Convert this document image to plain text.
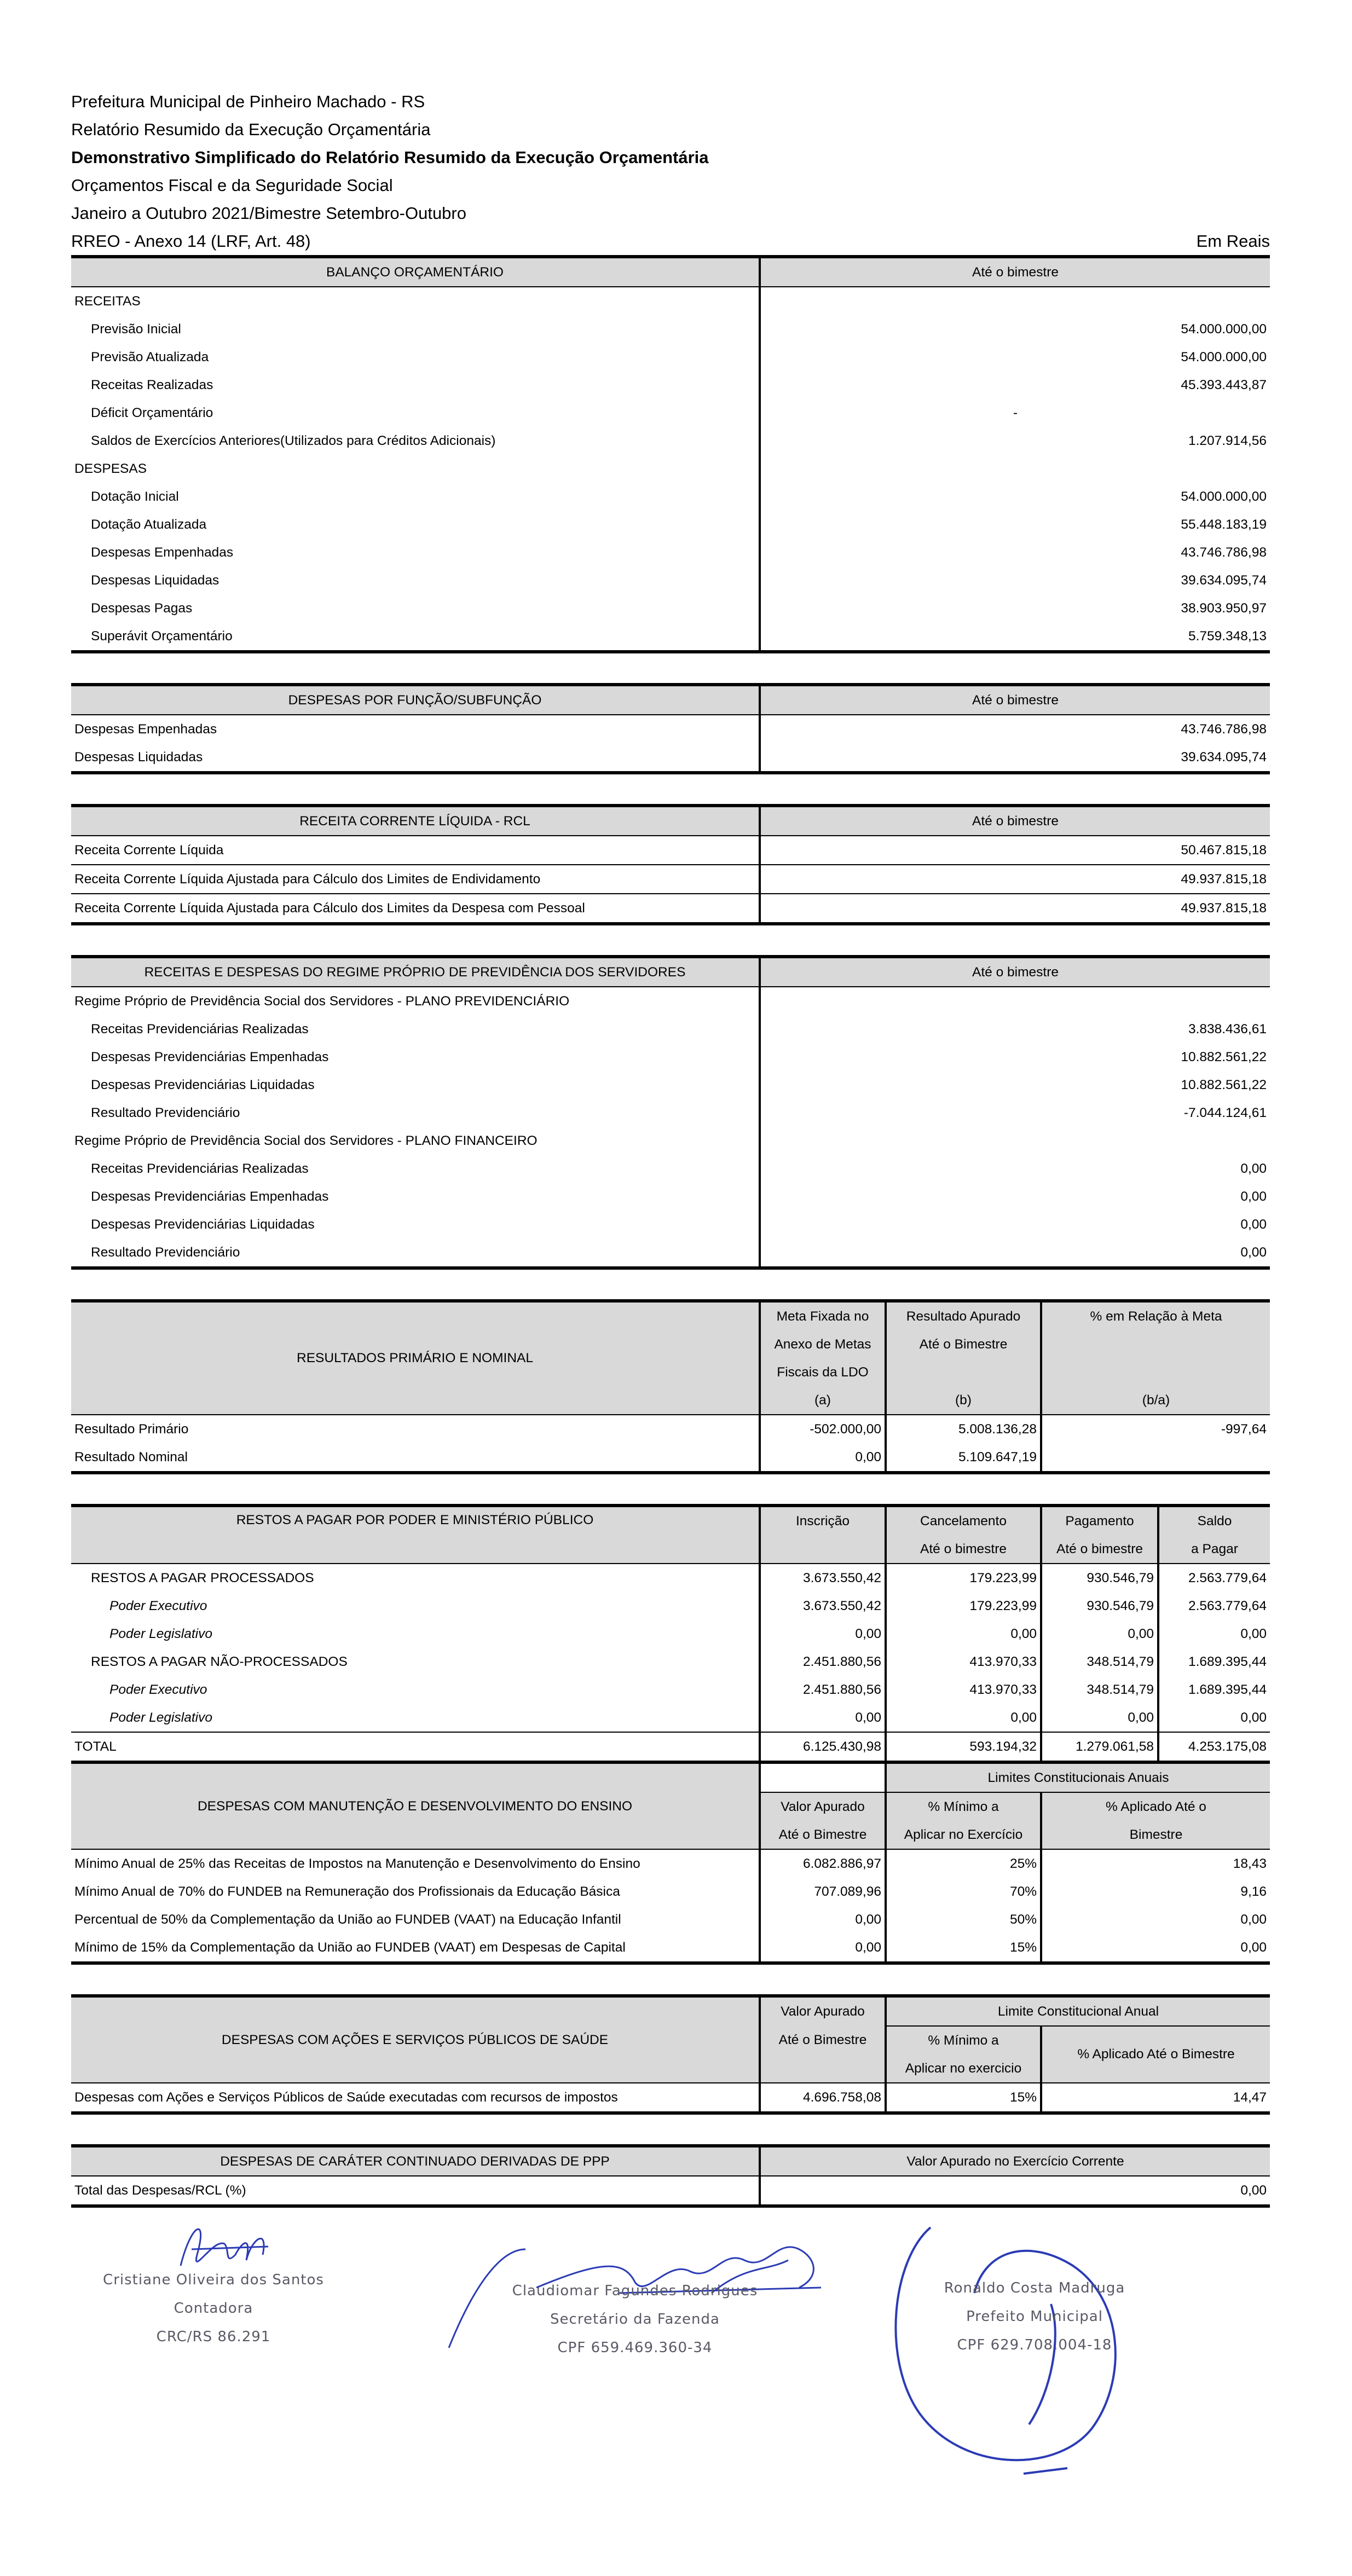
Prefeitura Municipal de Pinheiro Machado - RS
Relatório Resumido da Execução Orçamentária
Demonstrativo Simplificado do Relatório Resumido da Execução Orçamentária
Orçamentos Fiscal e da Seguridade Social
Janeiro a Outubro 2021/Bimestre Setembro-Outubro
RREO - Anexo 14 (LRF, Art. 48)	Em Reais
BALANÇO ORÇAMENTÁRIO	Até o bimestre
RECEITAS	
Previsão Inicial	54.000.000,00
Previsão Atualizada	54.000.000,00
Receitas Realizadas	45.393.443,87
Déficit Orçamentário	-
Saldos de Exercícios Anteriores(Utilizados para Créditos Adicionais)	1.207.914,56
DESPESAS	
Dotação Inicial	54.000.000,00
Dotação Atualizada	55.448.183,19
Despesas Empenhadas	43.746.786,98
Despesas Liquidadas	39.634.095,74
Despesas Pagas	38.903.950,97
Superávit Orçamentário	5.759.348,13
DESPESAS POR FUNÇÃO/SUBFUNÇÃO	Até o bimestre
Despesas Empenhadas	43.746.786,98
Despesas Liquidadas	39.634.095,74
RECEITA CORRENTE LÍQUIDA - RCL	Até o bimestre
Receita Corrente Líquida	50.467.815,18
Receita Corrente Líquida Ajustada para Cálculo dos Limites de Endividamento	49.937.815,18
Receita Corrente Líquida Ajustada para Cálculo dos Limites da Despesa com Pessoal	49.937.815,18
RECEITAS E DESPESAS DO REGIME PRÓPRIO DE PREVIDÊNCIA DOS SERVIDORES	Até o bimestre
Regime Próprio de Previdência Social dos Servidores - PLANO PREVIDENCIÁRIO	
Receitas Previdenciárias Realizadas	3.838.436,61
Despesas Previdenciárias Empenhadas	10.882.561,22
Despesas Previdenciárias Liquidadas	10.882.561,22
Resultado Previdenciário	-7.044.124,61
Regime Próprio de Previdência Social dos Servidores - PLANO FINANCEIRO	
Receitas Previdenciárias Realizadas	0,00
Despesas Previdenciárias Empenhadas	0,00
Despesas Previdenciárias Liquidadas	0,00
Resultado Previdenciário	0,00
RESULTADOS PRIMÁRIO E NOMINAL	Meta Fixada no	Resultado Apurado	% em Relação à Meta
	Anexo de Metas	Até o Bimestre	
	Fiscais da LDO		
	(a)	(b)	(b/a)
Resultado Primário	-502.000,00	5.008.136,28	-997,64
Resultado Nominal	0,00	5.109.647,19	
RESTOS A PAGAR POR PODER E MINISTÉRIO PÚBLICO	Inscrição	Cancelamento	Pagamento	Saldo
		Até o bimestre	Até o bimestre	a Pagar
RESTOS A PAGAR PROCESSADOS	3.673.550,42	179.223,99	930.546,79	2.563.779,64
Poder Executivo	3.673.550,42	179.223,99	930.546,79	2.563.779,64
Poder Legislativo	0,00	0,00	0,00	0,00
RESTOS A PAGAR NÃO-PROCESSADOS	2.451.880,56	413.970,33	348.514,79	1.689.395,44
Poder Executivo	2.451.880,56	413.970,33	348.514,79	1.689.395,44
Poder Legislativo	0,00	0,00	0,00	0,00
TOTAL	6.125.430,98	593.194,32	1.279.061,58	4.253.175,08
DESPESAS COM MANUTENÇÃO E DESENVOLVIMENTO DO ENSINO		Limites Constitucionais Anuais	
	Valor Apurado	% Mínimo a	% Aplicado Até o
	Até o Bimestre	Aplicar no Exercício	Bimestre
Mínimo Anual de 25% das Receitas de Impostos na Manutenção e Desenvolvimento do Ensino	6.082.886,97	25%	18,43
Mínimo Anual de 70% do FUNDEB na Remuneração dos Profissionais da Educação Básica	707.089,96	70%	9,16
Percentual de 50% da Complementação da União ao FUNDEB (VAAT) na Educação Infantil	0,00	50%	0,00
Mínimo de 15% da Complementação da União ao FUNDEB (VAAT) em Despesas de Capital	0,00	15%	0,00
DESPESAS COM AÇÕES E SERVIÇOS PÚBLICOS DE SAÚDE	Valor Apurado	Limite Constitucional Anual	
	Até o Bimestre	% Mínimo a	% Aplicado Até o Bimestre
		Aplicar no exercicio	
Despesas com Ações e Serviços Públicos de Saúde executadas com recursos de impostos	4.696.758,08	15%	14,47
DESPESAS DE CARÁTER CONTINUADO DERIVADAS DE PPP	Valor Apurado no Exercício Corrente
Total das Despesas/RCL (%)	0,00
Cristiane Oliveira dos Santos
Contadora
CRC/RS 86.291
Claudiomar Fagundes Rodrigues
Secretário da Fazenda
CPF 659.469.360-34
Ronaldo Costa Madruga
Prefeito Municipal
CPF 629.708.004-18
